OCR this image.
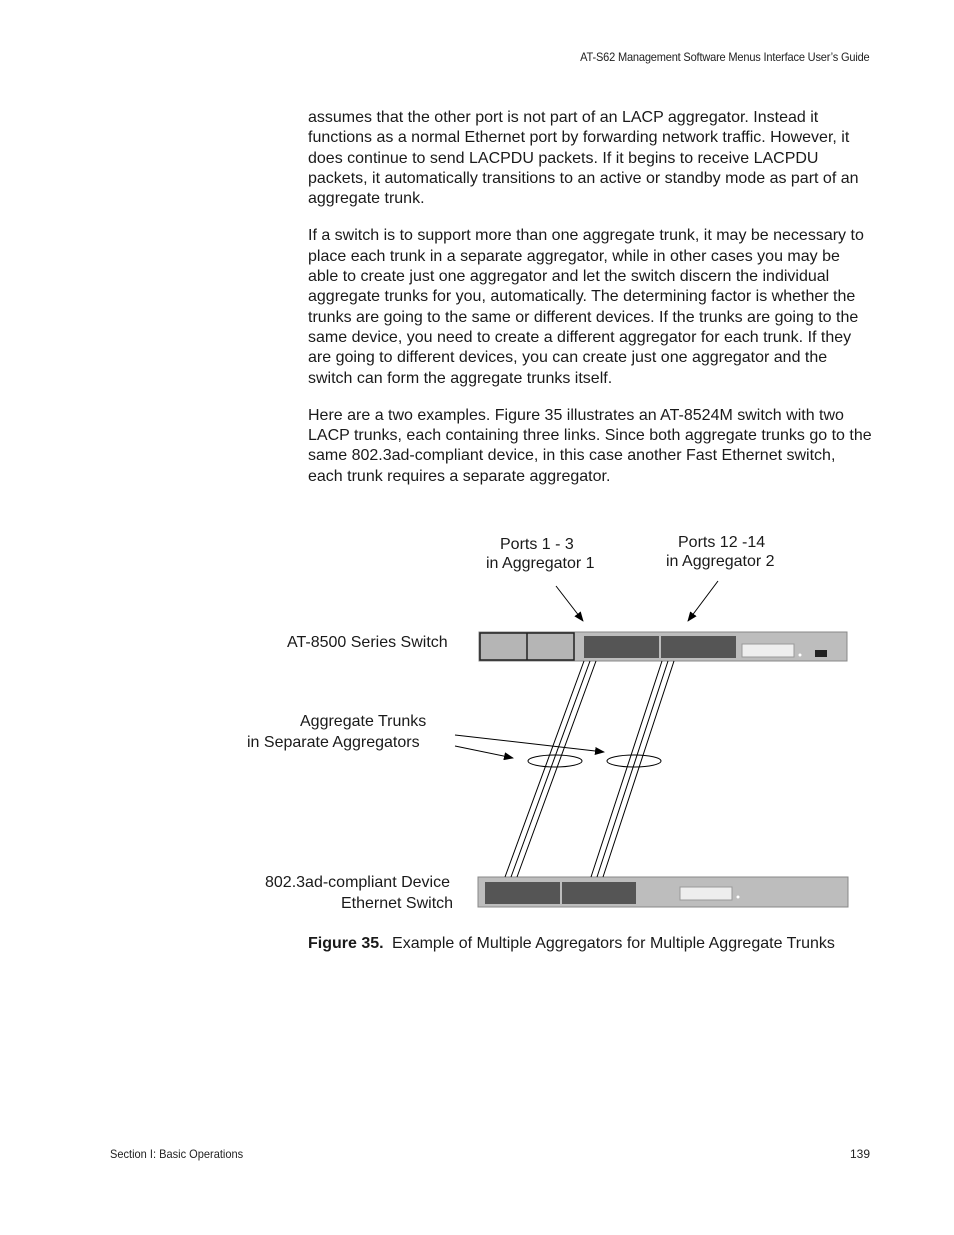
AT-S62 Management Software Menus Interface User’s Guide

assumes that the other port is not part of an LACP aggregator. Instead it functions as a normal Ethernet port by forwarding network traffic. However, it does continue to send LACPDU packets. If it begins to receive LACPDU packets, it automatically transitions to an active or standby mode as part of an aggregate trunk.

If a switch is to support more than one aggregate trunk, it may be necessary to place each trunk in a separate aggregator, while in other cases you may be able to create just one aggregator and let the switch discern the individual aggregate trunks for you, automatically. The determining factor is whether the trunks are going to the same or different devices. If the trunks are going to the same device, you need to create a different aggregator for each trunk. If they are going to different devices, you can create just one aggregator and the switch can form the aggregate trunks itself.

Here are a two examples. Figure 35 illustrates an AT-8524M switch with two LACP trunks, each containing three links. Since both aggregate trunks go to the same 802.3ad-compliant device, in this case another Fast Ethernet switch, each trunk requires a separate aggregator.

Ports 1 - 3
in Aggregator 1
Ports 12 -14
in Aggregator 2
AT-8500 Series Switch
Aggregate Trunks
in Separate Aggregators
802.3ad-compliant Device
Ethernet Switch
Figure 35. Example of Multiple Aggregators for Multiple Aggregate Trunks
Section I: Basic Operations	139
